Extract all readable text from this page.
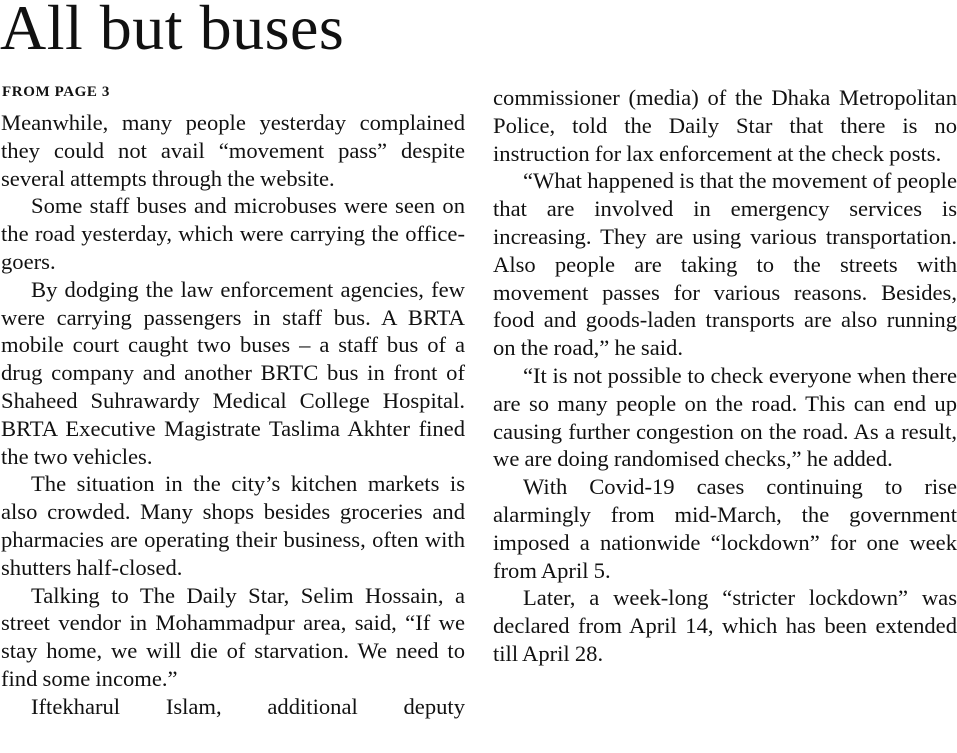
All but buses
FROM PAGE 3

Meanwhile, many people yesterday complained they could not avail “movement pass” despite several attempts through the website.

Some staff buses and microbuses were seen on the road yesterday, which were carrying the office-goers.

By dodging the law enforcement agencies, few were carrying passengers in staff bus. A BRTA mobile court caught two buses – a staff bus of a drug company and another BRTC bus in front of Shaheed Suhrawardy Medical College Hospital. BRTA Executive Magistrate Taslima Akhter fined the two vehicles.

The situation in the city’s kitchen markets is also crowded. Many shops besides groceries and pharmacies are operating their business, often with shutters half-closed.

Talking to The Daily Star, Selim Hossain, a street vendor in Mohammadpur area, said, “If we stay home, we will die of starvation. We need to find some income.”

Iftekharul Islam, additional deputy

commissioner (media) of the Dhaka Metropolitan Police, told the Daily Star that there is no instruction for lax enforcement at the check posts.

“What happened is that the movement of people that are involved in emergency services is increasing. They are using various transportation. Also people are taking to the streets with movement passes for various reasons. Besides, food and goods-laden transports are also running on the road,” he said.

“It is not possible to check everyone when there are so many people on the road. This can end up causing further congestion on the road. As a result, we are doing randomised checks,” he added.

With Covid-19 cases continuing to rise alarmingly from mid-March, the government imposed a nationwide “lockdown” for one week from April 5.

Later, a week-long “stricter lockdown” was declared from April 14, which has been extended till April 28.
